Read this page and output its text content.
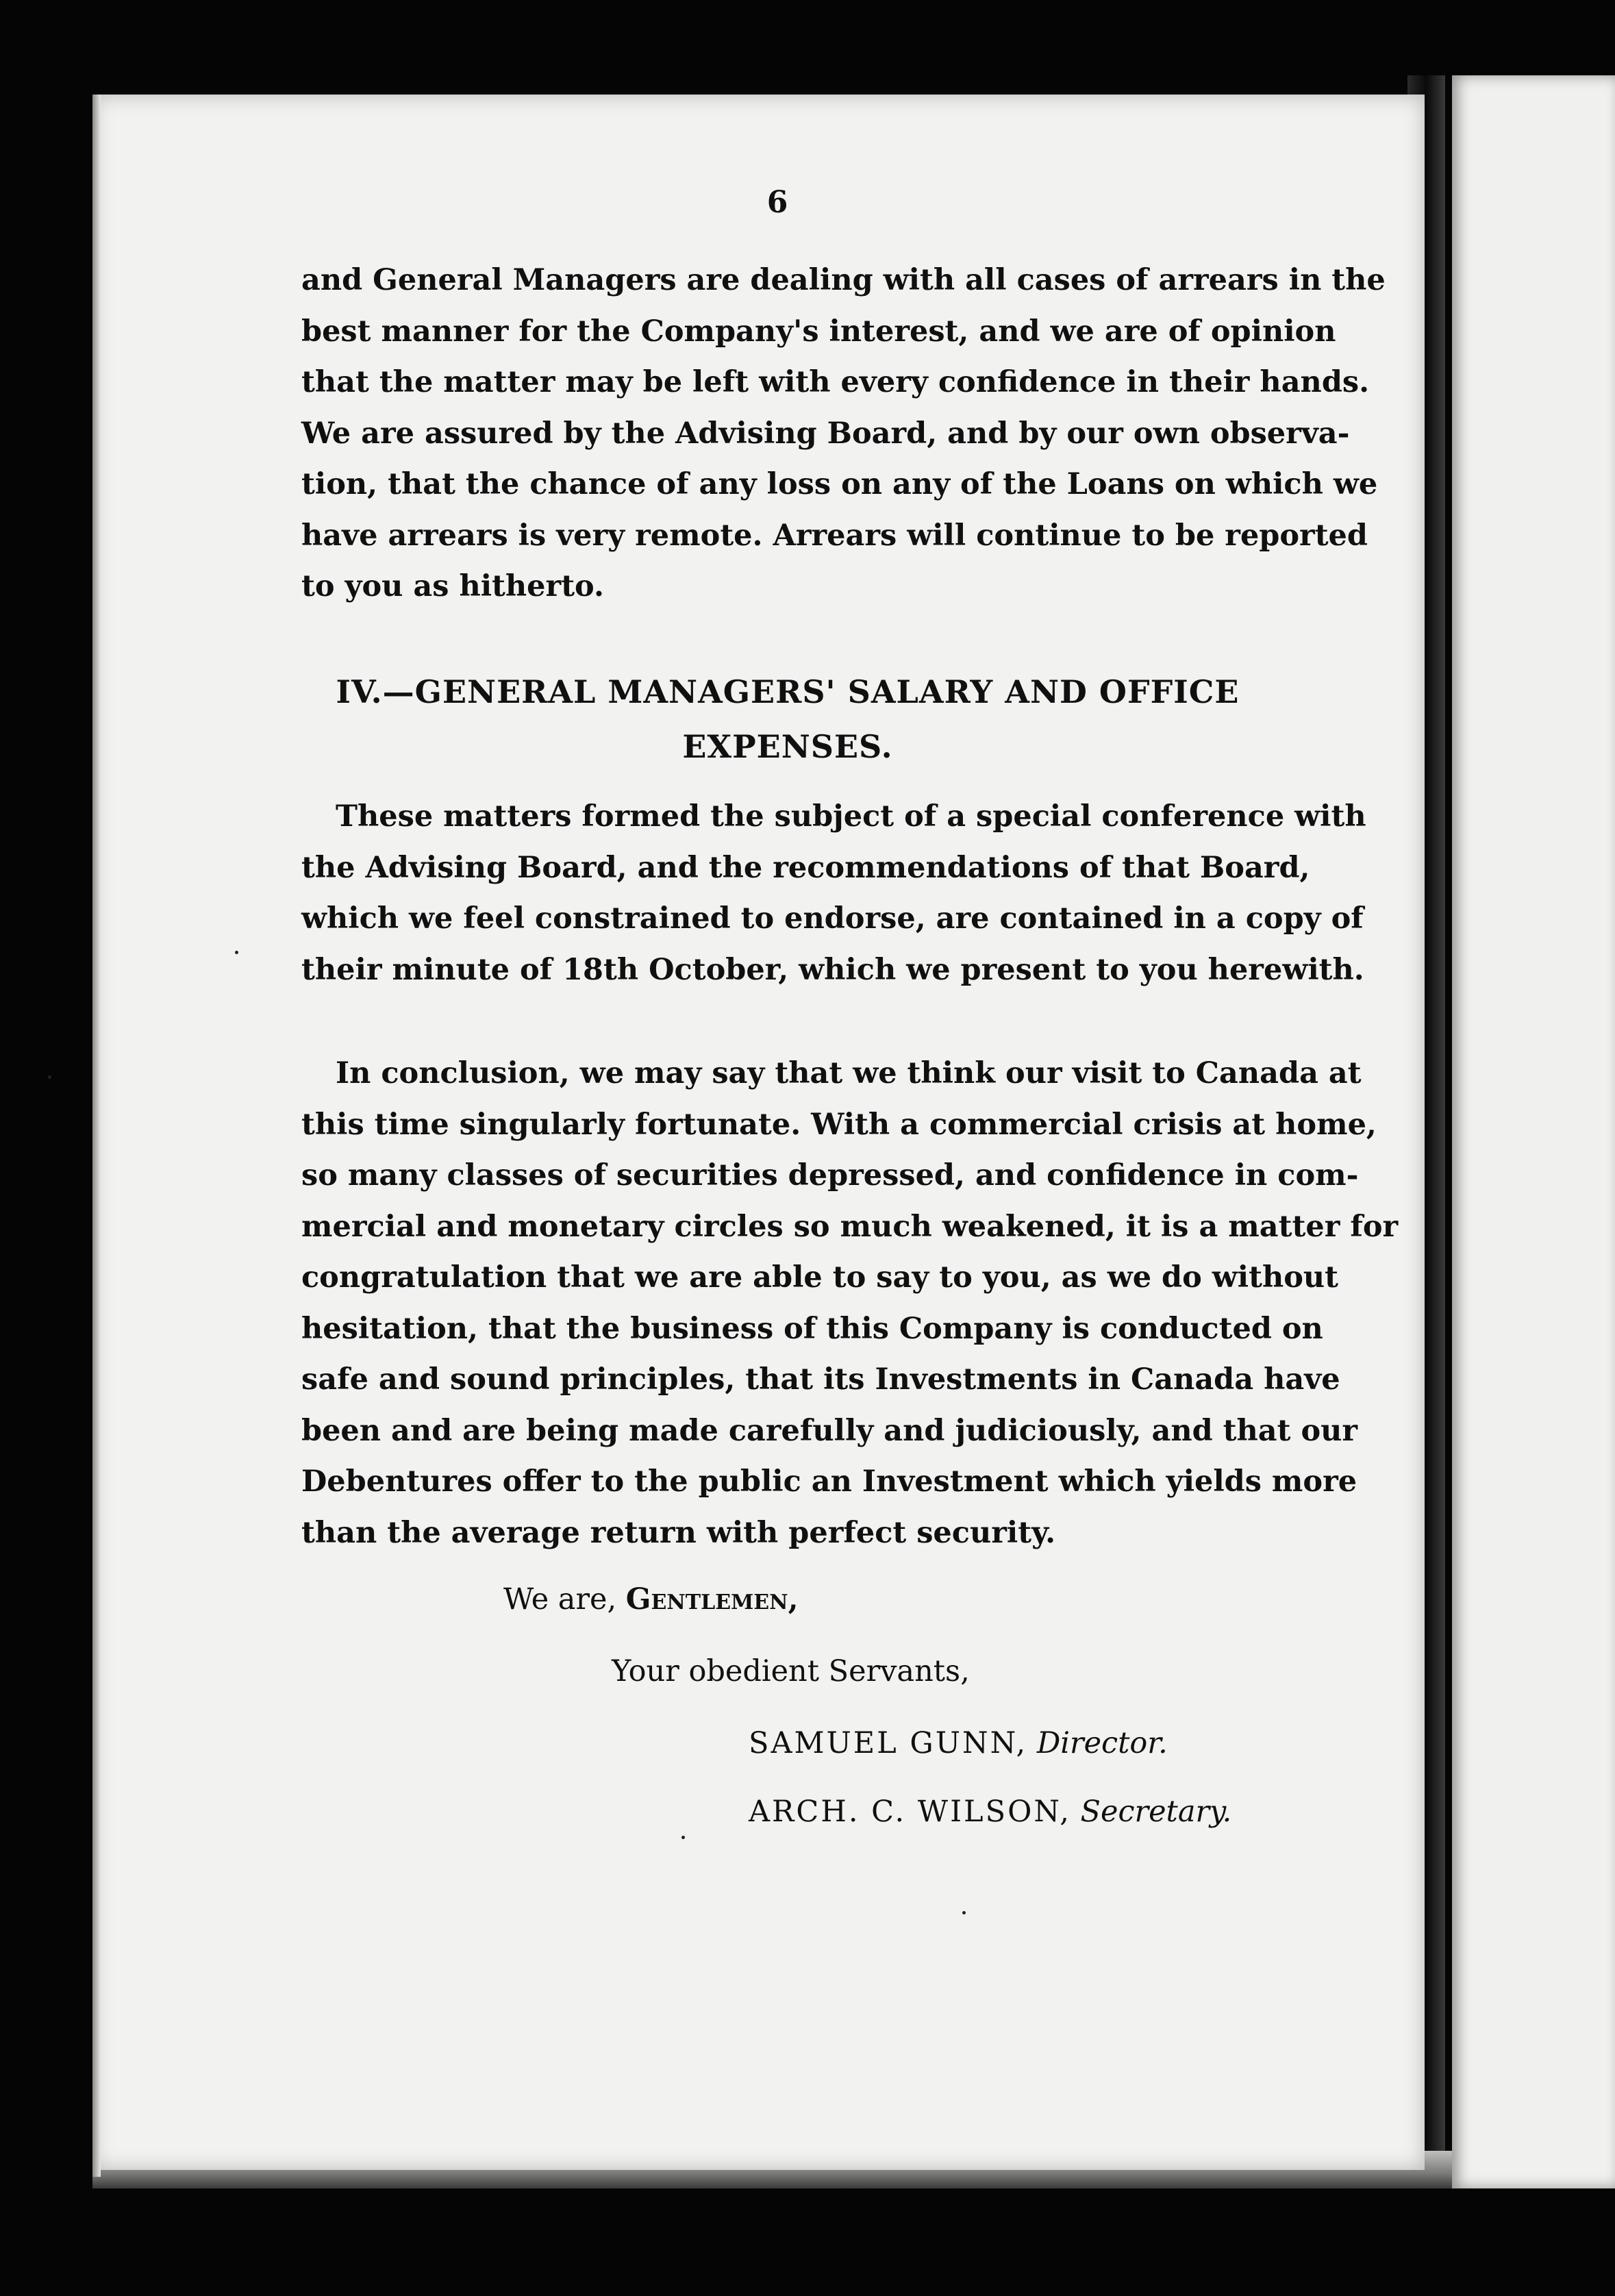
6
and General Managers are dealing with all cases of arrears in the
best manner for the Company's interest, and we are of opinion
that the matter may be left with every confidence in their hands.
We are assured by the Advising Board, and by our own observa-
tion, that the chance of any loss on any of the Loans on which we
have arrears is very remote. Arrears will continue to be reported
to you as hitherto.
IV.—GENERAL MANAGERS' SALARY AND OFFICE
EXPENSES.
These matters formed the subject of a special conference with
the Advising Board, and the recommendations of that Board,
which we feel constrained to endorse, are contained in a copy of
their minute of 18th October, which we present to you herewith.
In conclusion, we may say that we think our visit to Canada at
this time singularly fortunate. With a commercial crisis at home,
so many classes of securities depressed, and confidence in com-
mercial and monetary circles so much weakened, it is a matter for
congratulation that we are able to say to you, as we do without
hesitation, that the business of this Company is conducted on
safe and sound principles, that its Investments in Canada have
been and are being made carefully and judiciously, and that our
Debentures offer to the public an Investment which yields more
than the average return with perfect security.
We are, Gentlemen,
Your obedient Servants,
SAMUEL GUNN, Director.
ARCH. C. WILSON, Secretary.
